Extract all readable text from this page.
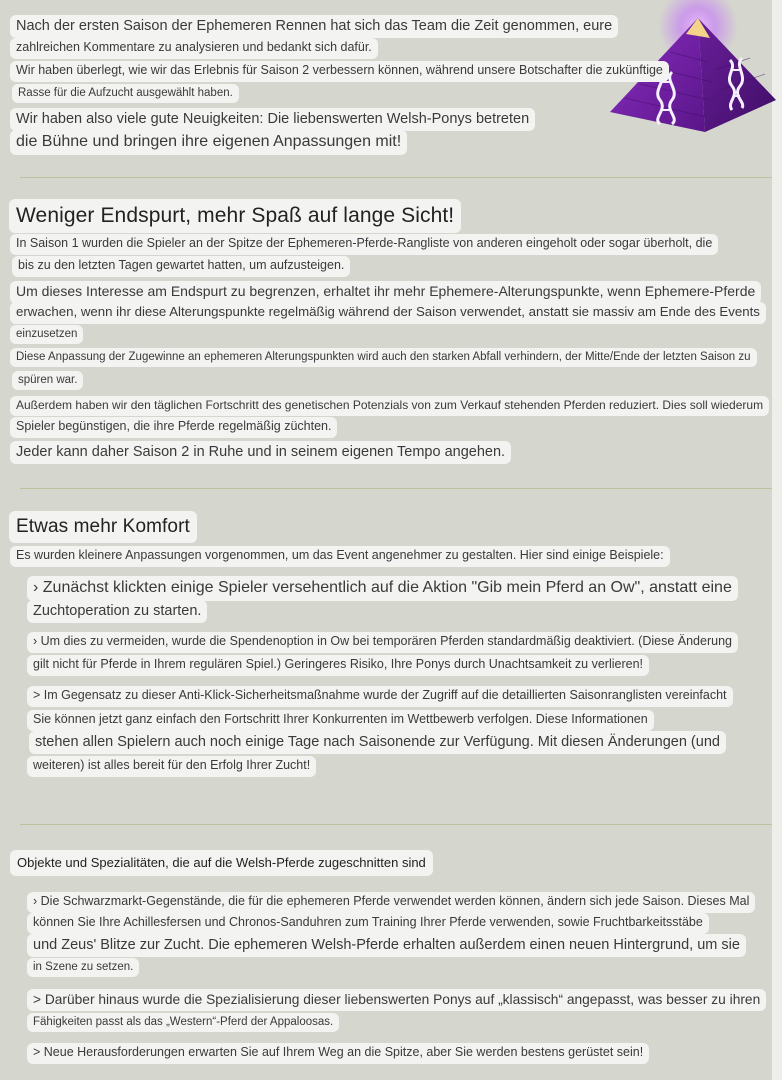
Nach der ersten Saison der Ephemeren Rennen hat sich das Team die Zeit genommen, eure
zahlreichen Kommentare zu analysieren und bedankt sich dafür.
Wir haben überlegt, wie wir das Erlebnis für Saison 2 verbessern können, während unsere Botschafter die zukünftige
Rasse für die Aufzucht ausgewählt haben.
Wir haben also viele gute Neuigkeiten: Die liebenswerten Welsh-Ponys betreten
die Bühne und bringen ihre eigenen Anpassungen mit!
Weniger Endspurt, mehr Spaß auf lange Sicht!
In Saison 1 wurden die Spieler an der Spitze der Ephemeren-Pferde-Rangliste von anderen eingeholt oder sogar überholt, die
bis zu den letzten Tagen gewartet hatten, um aufzusteigen.
Um dieses Interesse am Endspurt zu begrenzen, erhaltet ihr mehr Ephemere-Alterungspunkte, wenn Ephemere-Pferde
erwachen, wenn ihr diese Alterungspunkte regelmäßig während der Saison verwendet, anstatt sie massiv am Ende des Events
einzusetzen
Diese Anpassung der Zugewinne an ephemeren Alterungspunkten wird auch den starken Abfall verhindern, der Mitte/Ende der letzten Saison zu
spüren war.
Außerdem haben wir den täglichen Fortschritt des genetischen Potenzials von zum Verkauf stehenden Pferden reduziert. Dies soll wiederum
Spieler begünstigen, die ihre Pferde regelmäßig züchten.
Jeder kann daher Saison 2 in Ruhe und in seinem eigenen Tempo angehen.
Etwas mehr Komfort
Es wurden kleinere Anpassungen vorgenommen, um das Event angenehmer zu gestalten. Hier sind einige Beispiele:
› Zunächst klickten einige Spieler versehentlich auf die Aktion "Gib mein Pferd an Ow", anstatt eine
Zuchtoperation zu starten.
› Um dies zu vermeiden, wurde die Spendenoption in Ow bei temporären Pferden standardmäßig deaktiviert. (Diese Änderung
gilt nicht für Pferde in Ihrem regulären Spiel.) Geringeres Risiko, Ihre Ponys durch Unachtsamkeit zu verlieren!
> Im Gegensatz zu dieser Anti-Klick-Sicherheitsmaßnahme wurde der Zugriff auf die detaillierten Saisonranglisten vereinfacht
Sie können jetzt ganz einfach den Fortschritt Ihrer Konkurrenten im Wettbewerb verfolgen. Diese Informationen
stehen allen Spielern auch noch einige Tage nach Saisonende zur Verfügung. Mit diesen Änderungen (und
weiteren) ist alles bereit für den Erfolg Ihrer Zucht!
Objekte und Spezialitäten, die auf die Welsh-Pferde zugeschnitten sind
› Die Schwarzmarkt-Gegenstände, die für die ephemeren Pferde verwendet werden können, ändern sich jede Saison. Dieses Mal
können Sie Ihre Achillesfersen und Chronos-Sanduhren zum Training Ihrer Pferde verwenden, sowie Fruchtbarkeitsstäbe
und Zeus' Blitze zur Zucht. Die ephemeren Welsh-Pferde erhalten außerdem einen neuen Hintergrund, um sie
in Szene zu setzen.
> Darüber hinaus wurde die Spezialisierung dieser liebenswerten Ponys auf „klassisch“ angepasst, was besser zu ihren
Fähigkeiten passt als das „Western“-Pferd der Appaloosas.
> Neue Herausforderungen erwarten Sie auf Ihrem Weg an die Spitze, aber Sie werden bestens gerüstet sein!
